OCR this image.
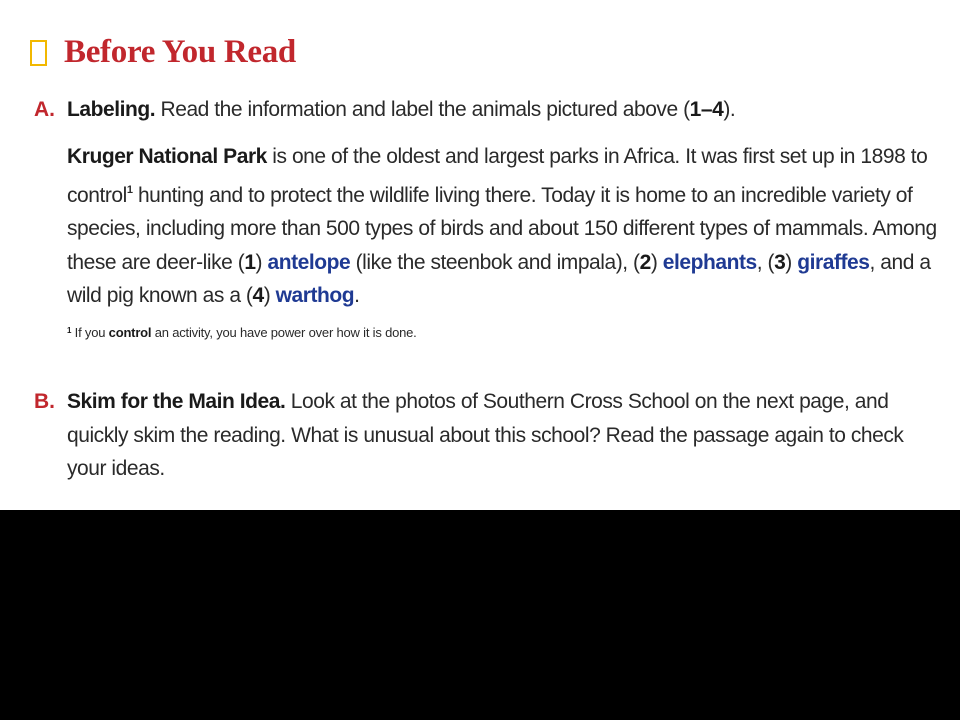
Before You Read
A. Labeling. Read the information and label the animals pictured above (1–4).
Kruger National Park is one of the oldest and largest parks in Africa. It was first set up in 1898 to control$^1$ hunting and to protect the wildlife living there. Today it is home to an incredible variety of species, including more than 500 types of birds and about 150 different types of mammals. Among these are deer-like (1) antelope (like the steenbok and impala), (2) elephants, (3) giraffes, and a wild pig known as a (4) warthog.
$^1$ If you control an activity, you have power over how it is done.
B. Skim for the Main Idea. Look at the photos of Southern Cross School on the next page, and quickly skim the reading. What is unusual about this school? Read the passage again to check your ideas.
